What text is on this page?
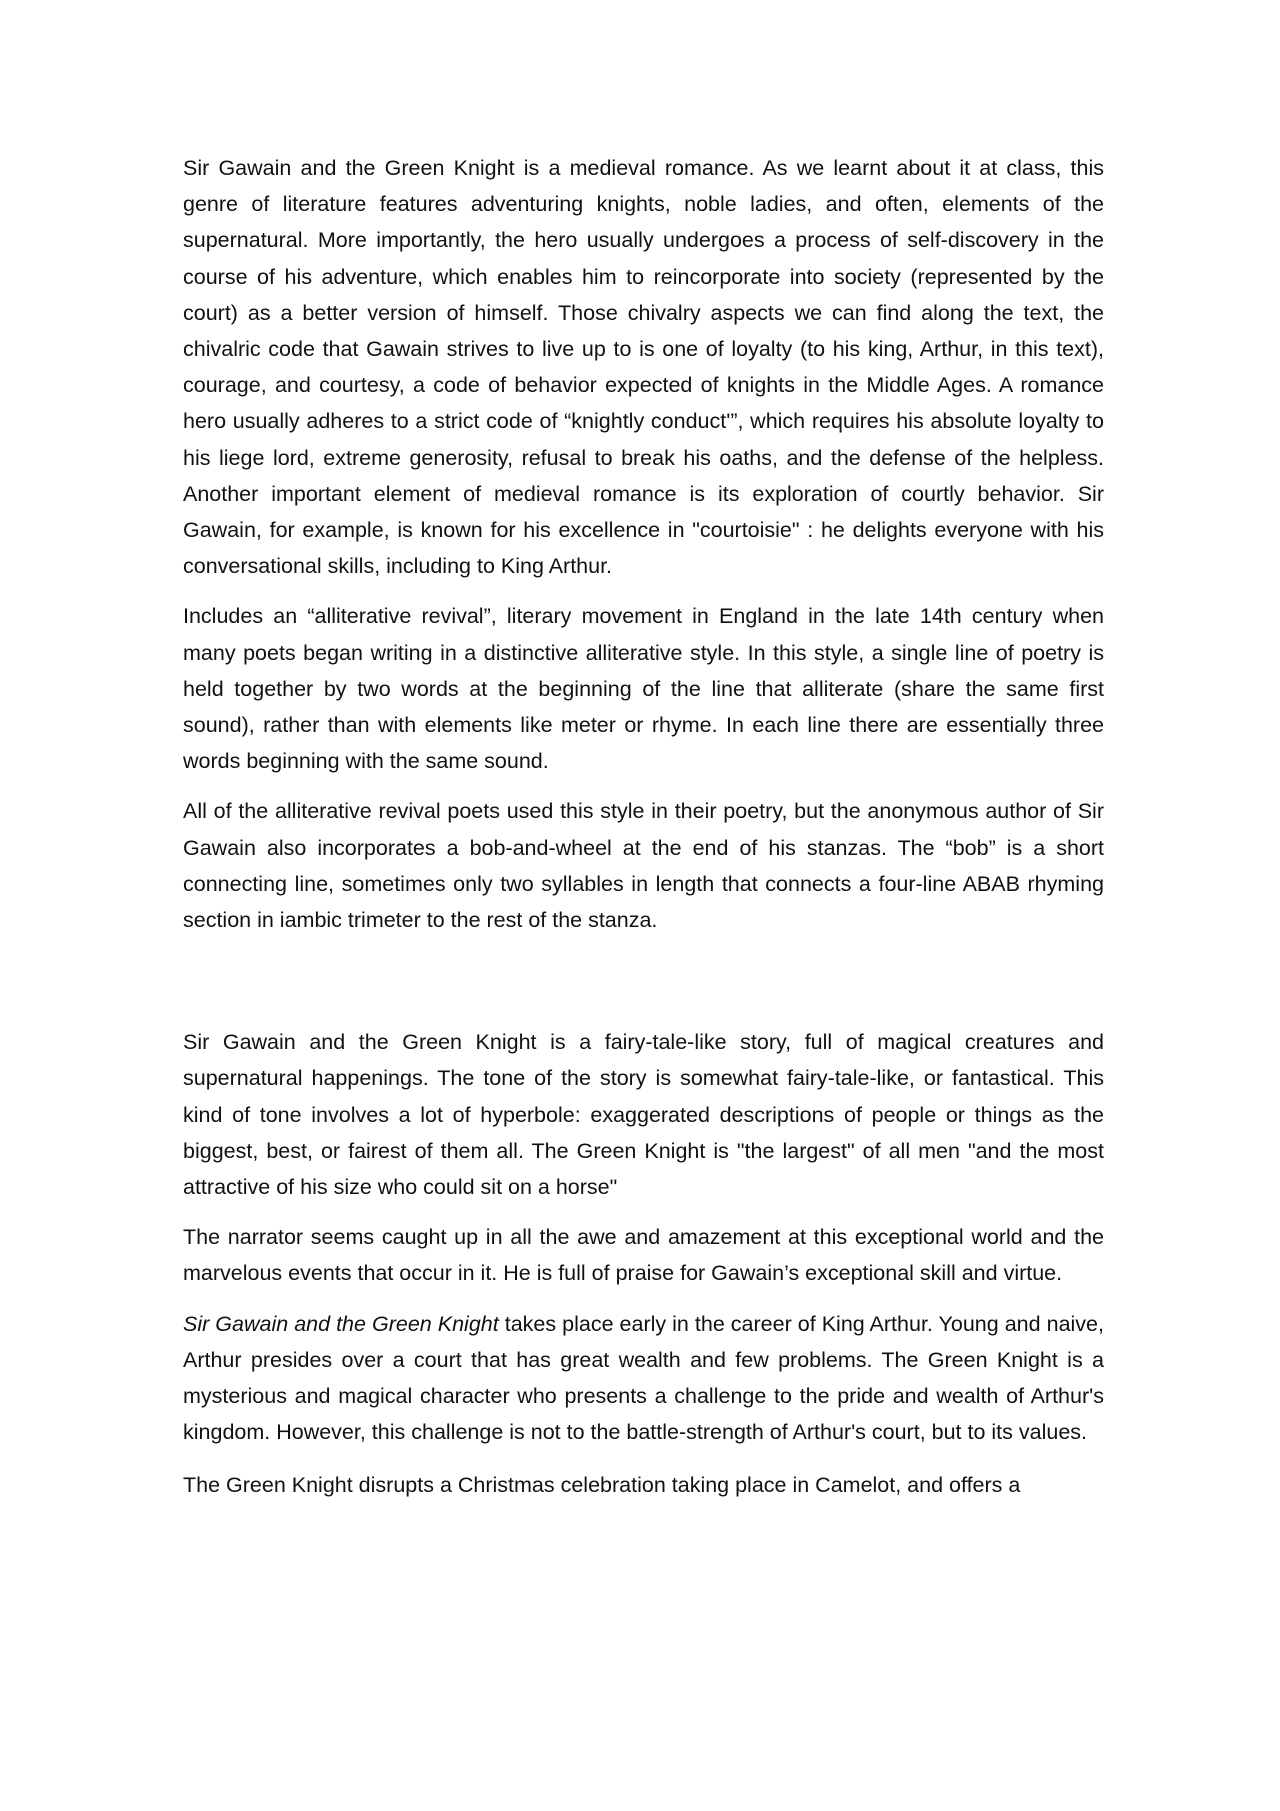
Sir Gawain and the Green Knight is a medieval romance. As we learnt about it at class, this genre of literature features adventuring knights, noble ladies, and often, elements of the supernatural. More importantly, the hero usually undergoes a process of self-discovery in the course of his adventure, which enables him to reincorporate into society (represented by the court) as a better version of himself. Those chivalry aspects we can find along the text, the chivalric code that Gawain strives to live up to is one of loyalty (to his king, Arthur, in this text), courage, and courtesy, a code of behavior expected of knights in the Middle Ages. A romance hero usually adheres to a strict code of “knightly conduct'”, which requires his absolute loyalty to his liege lord, extreme generosity, refusal to break his oaths, and the defense of the helpless. Another important element of medieval romance is its exploration of courtly behavior. Sir Gawain, for example, is known for his excellence in "courtoisie" : he delights everyone with his conversational skills, including to King Arthur.

Includes an “alliterative revival”, literary movement in England in the late 14th century when many poets began writing in a distinctive alliterative style. In this style, a single line of poetry is held together by two words at the beginning of the line that alliterate (share the same first sound), rather than with elements like meter or rhyme. In each line there are essentially three words beginning with the same sound.

All of the alliterative revival poets used this style in their poetry, but the anonymous author of Sir Gawain also incorporates a bob-and-wheel at the end of his stanzas. The “bob” is a short connecting line, sometimes only two syllables in length that connects a four-line ABAB rhyming section in iambic trimeter to the rest of the stanza.

Sir Gawain and the Green Knight is a fairy-tale-like story, full of magical creatures and supernatural happenings. The tone of the story is somewhat fairy-tale-like, or fantastical. This kind of tone involves a lot of hyperbole: exaggerated descriptions of people or things as the biggest, best, or fairest of them all. The Green Knight is "the largest" of all men "and the most attractive of his size who could sit on a horse"

The narrator seems caught up in all the awe and amazement at this exceptional world and the marvelous events that occur in it. He is full of praise for Gawain’s exceptional skill and virtue.

Sir Gawain and the Green Knight takes place early in the career of King Arthur. Young and naive, Arthur presides over a court that has great wealth and few problems. The Green Knight is a mysterious and magical character who presents a challenge to the pride and wealth of Arthur's kingdom. However, this challenge is not to the battle-strength of Arthur's court, but to its values.

The Green Knight disrupts a Christmas celebration taking place in Camelot, and offers a
